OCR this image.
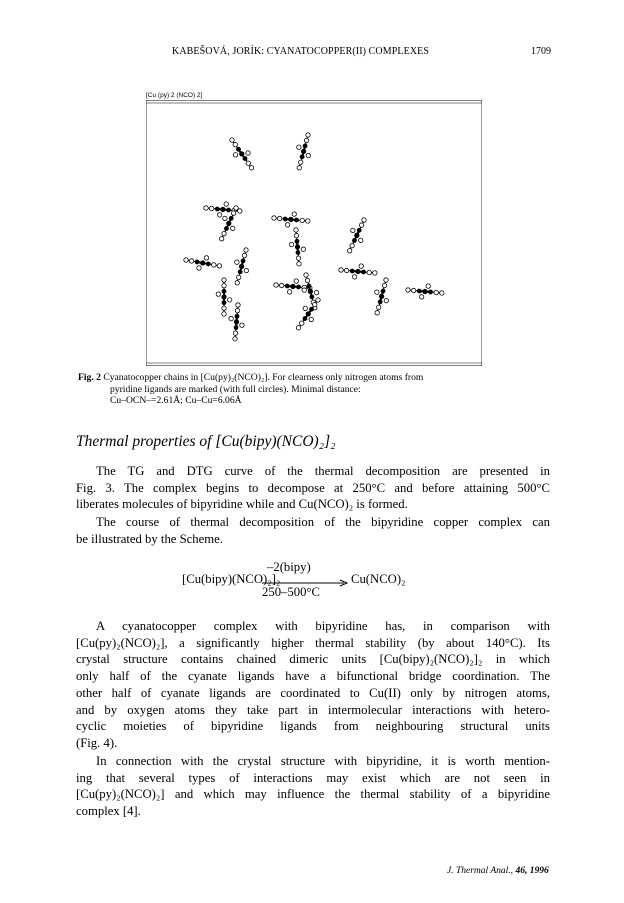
KABEŠOVÁ, JORÍK: CYANATOCOPPER(II) COMPLEXES	1709
[Cu (py) 2 (NCO) 2]
Fig. 2 Cyanatocopper chains in [Cu(py)₂(NCO)₂]. For clearness only nitrogen atoms from
pyridine ligands are marked (with full circles). Minimal distance:
Cu–OCN–=2.61Å; Cu–Cu=6.06Å
Thermal properties of [Cu(bipy)(NCO)₂]₂
The TG and DTG curve of the thermal decomposition are presented in
Fig. 3. The complex begins to decompose at 250°C and before attaining 500°C
liberates molecules of bipyridine while and Cu(NCO)₂ is formed.
The course of thermal decomposition of the bipyridine copper complex can
be illustrated by the Scheme.
[Cu(bipy)(NCO)₂]₂
–2(bipy)
250–500°C
Cu(NCO)₂
A cyanatocopper complex with bipyridine has, in comparison with
[Cu(py)₂(NCO)₂], a significantly higher thermal stability (by about 140°C). Its
crystal structure contains chained dimeric units [Cu(bipy)₂(NCO)₂]₂ in which
only half of the cyanate ligands have a bifunctional bridge coordination. The
other half of cyanate ligands are coordinated to Cu(II) only by nitrogen atoms,
and by oxygen atoms they take part in intermolecular interactions with hetero-
cyclic moieties of bipyridine ligands from neighbouring structural units
(Fig. 4).
In connection with the crystal structure with bipyridine, it is worth mention-
ing that several types of interactions may exist which are not seen in
[Cu(py)₂(NCO)₂] and which may influence the thermal stability of a bipyridine
complex [4].
J. Thermal Anal., 46, 1996
